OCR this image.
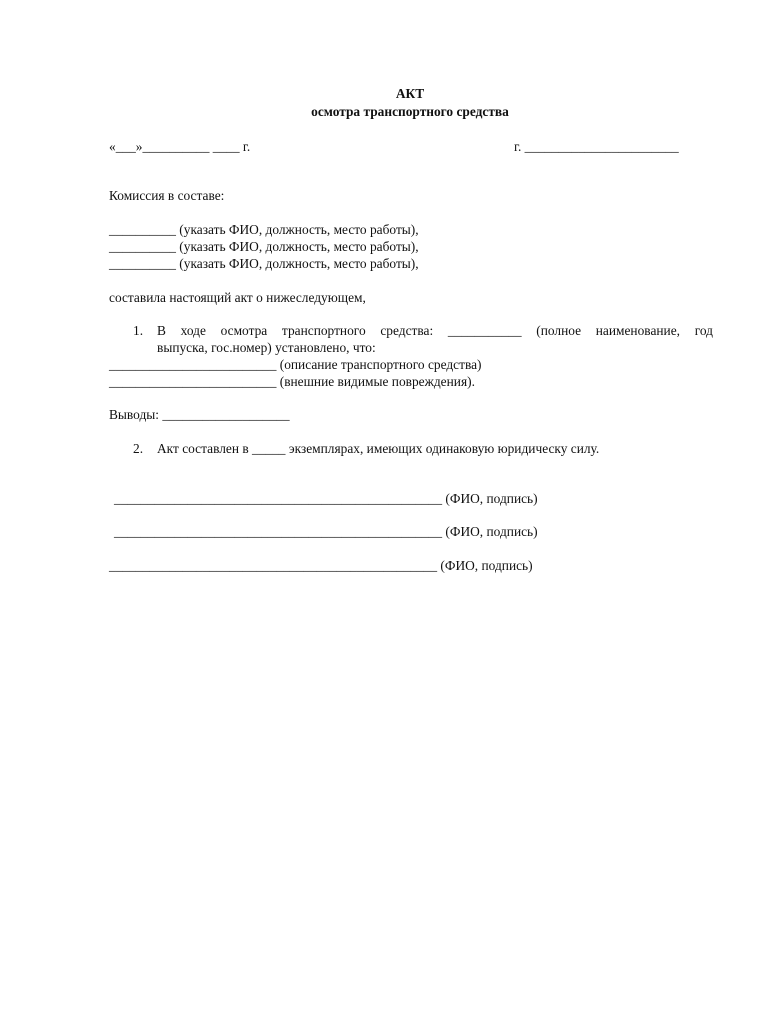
АКТ
осмотра транспортного средства
«___»__________ ____ г.	г. _______________________
Комиссия в составе:
__________ (указать ФИО, должность, место работы),
__________ (указать ФИО, должность, место работы),
__________ (указать ФИО, должность, место работы),
составила настоящий акт о нижеследующем,
1. В ходе осмотра транспортного средства: ___________ (полное наименование, год
выпуска, гос.номер) установлено, что:
_________________________ (описание транспортного средства)
_________________________ (внешние видимые повреждения).
Выводы: ___________________
2. Акт составлен в _____ экземплярах, имеющих одинаковую юридическу силу.
_________________________________________________ (ФИО, подпись)
_________________________________________________ (ФИО, подпись)
_________________________________________________ (ФИО, подпись)
